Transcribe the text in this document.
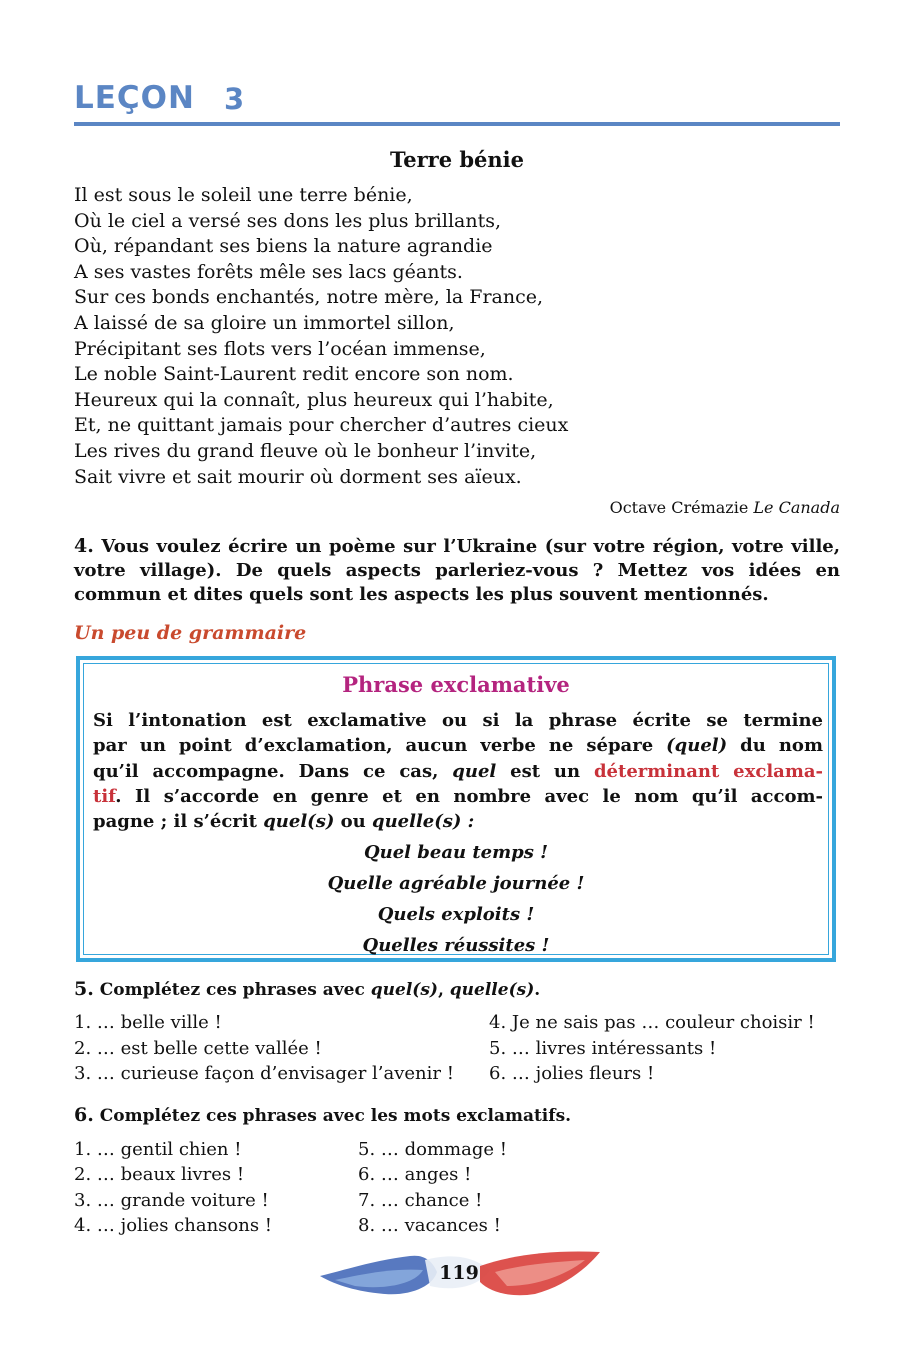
LEÇON 3
Terre bénie
Il est sous le soleil une terre bénie,
Où le ciel a versé ses dons les plus brillants,
Où, répandant ses biens la nature agrandie
A ses vastes forêts mêle ses lacs géants.
Sur ces bonds enchantés, notre mère, la France,
A laissé de sa gloire un immortel sillon,
Précipitant ses flots vers l’océan immense,
Le noble Saint-Laurent redit encore son nom.
Heureux qui la connaît, plus heureux qui l’habite,
Et, ne quittant jamais pour chercher d’autres cieux
Les rives du grand fleuve où le bonheur l’invite,
Sait vivre et sait mourir où dorment ses aïeux.
Octave Crémazie Le Canada
4. Vous voulez écrire un poème sur l’Ukraine (sur votre région, votre ville, votre village). De quels aspects parleriez-vous ? Mettez vos idées en commun et dites quels sont les aspects les plus souvent mentionnés.
Un peu de grammaire
Phrase exclamative
Si l’intonation est exclamative ou si la phrase écrite se termine
par un point d’exclamation, aucun verbe ne sépare (quel) du nom
qu’il accompagne. Dans ce cas, quel est un déterminant exclama-
tif. Il s’accorde en genre et en nombre avec le nom qu’il accom-
pagne ; il s’écrit quel(s) ou quelle(s) :
Quel beau temps !
Quelle agréable journée !
Quels exploits !
Quelles réussites !
5. Complétez ces phrases avec quel(s), quelle(s).
1. … belle ville !
2. … est belle cette vallée !
3. … curieuse façon d’envisager l’avenir !
4. Je ne sais pas … couleur choisir !
5. … livres intéressants !
6. … jolies fleurs !
6. Complétez ces phrases avec les mots exclamatifs.
1. … gentil chien !
2. … beaux livres !
3. … grande voiture !
4. … jolies chansons !
5. … dommage !
6. … anges !
7. … chance !
8. … vacances !
119
